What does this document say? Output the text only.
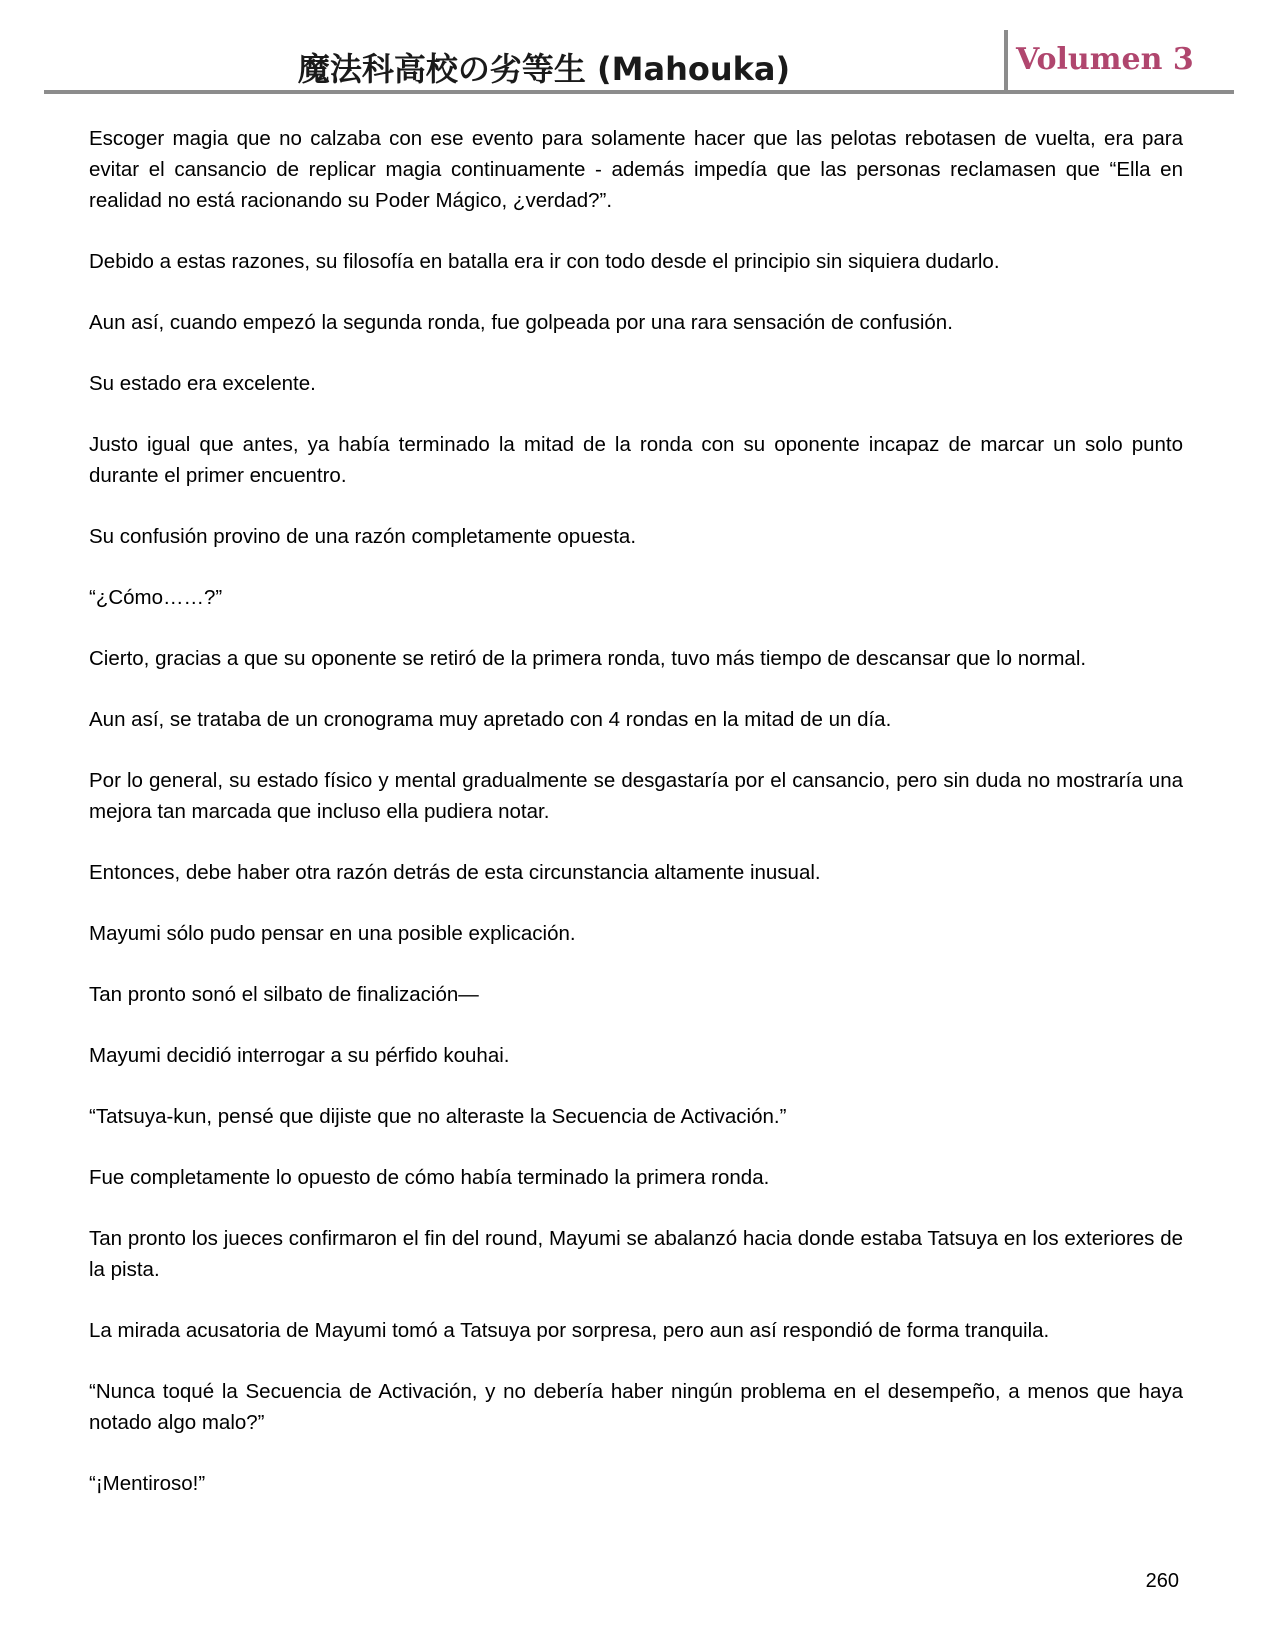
魔法科高校の劣等生 (Mahouka)	Volumen 3

Escoger magia que no calzaba con ese evento para solamente hacer que las pelotas rebotasen de vuelta, era para evitar el cansancio de replicar magia continuamente - además impedía que las personas reclamasen que “Ella en realidad no está racionando su Poder Mágico, ¿verdad?”.

Debido a estas razones, su filosofía en batalla era ir con todo desde el principio sin siquiera dudarlo.

Aun así, cuando empezó la segunda ronda, fue golpeada por una rara sensación de confusión.

Su estado era excelente.

Justo igual que antes, ya había terminado la mitad de la ronda con su oponente incapaz de marcar un solo punto durante el primer encuentro.

Su confusión provino de una razón completamente opuesta.

“¿Cómo……?”

Cierto, gracias a que su oponente se retiró de la primera ronda, tuvo más tiempo de descansar que lo normal.

Aun así, se trataba de un cronograma muy apretado con 4 rondas en la mitad de un día.

Por lo general, su estado físico y mental gradualmente se desgastaría por el cansancio, pero sin duda no mostraría una mejora tan marcada que incluso ella pudiera notar.

Entonces, debe haber otra razón detrás de esta circunstancia altamente inusual.

Mayumi sólo pudo pensar en una posible explicación.

Tan pronto sonó el silbato de finalización—

Mayumi decidió interrogar a su pérfido kouhai.

“Tatsuya-kun, pensé que dijiste que no alteraste la Secuencia de Activación.”

Fue completamente lo opuesto de cómo había terminado la primera ronda.

Tan pronto los jueces confirmaron el fin del round, Mayumi se abalanzó hacia donde estaba Tatsuya en los exteriores de la pista.

La mirada acusatoria de Mayumi tomó a Tatsuya por sorpresa, pero aun así respondió de forma tranquila.

“Nunca toqué la Secuencia de Activación, y no debería haber ningún problema en el desempeño, a menos que haya notado algo malo?”

“¡Mentiroso!”

260
